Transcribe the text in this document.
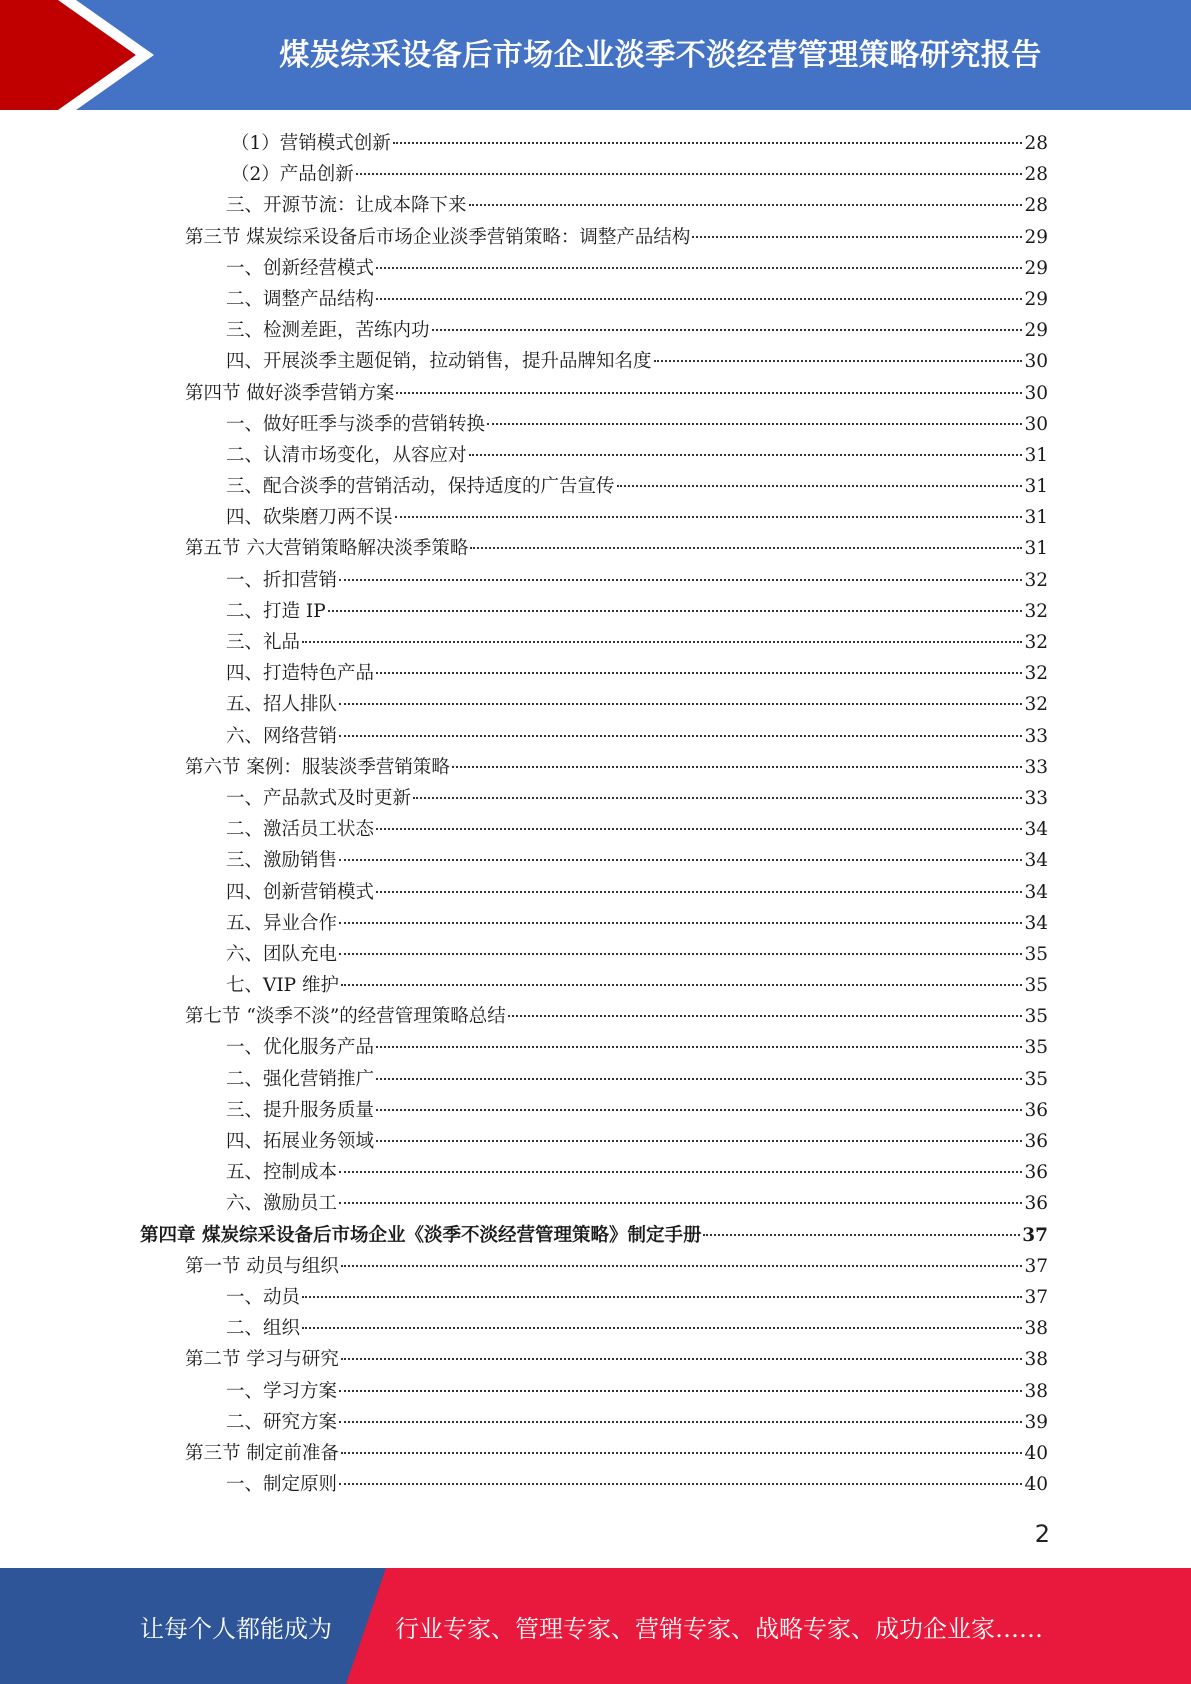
煤炭综采设备后市场企业淡季不淡经营管理策略研究报告
（1）营销模式创新	28
（2）产品创新	28
三、开源节流：让成本降下来	28
第三节 煤炭综采设备后市场企业淡季营销策略：调整产品结构	29
一、创新经营模式	29
二、调整产品结构	29
三、检测差距，苦练内功	29
四、开展淡季主题促销，拉动销售，提升品牌知名度	30
第四节 做好淡季营销方案	30
一、做好旺季与淡季的营销转换	30
二、认清市场变化，从容应对	31
三、配合淡季的营销活动，保持适度的广告宣传	31
四、砍柴磨刀两不误	31
第五节 六大营销策略解决淡季策略	31
一、折扣营销	32
二、打造 IP	32
三、礼品	32
四、打造特色产品	32
五、招人排队	32
六、网络营销	33
第六节 案例：服装淡季营销策略	33
一、产品款式及时更新	33
二、激活员工状态	34
三、激励销售	34
四、创新营销模式	34
五、异业合作	34
六、团队充电	35
七、VIP 维护	35
第七节 “淡季不淡”的经营管理策略总结	35
一、优化服务产品	35
二、强化营销推广	35
三、提升服务质量	36
四、拓展业务领域	36
五、控制成本	36
六、激励员工	36
第四章 煤炭综采设备后市场企业《淡季不淡经营管理策略》制定手册	37
第一节 动员与组织	37
一、动员	37
二、组织	38
第二节 学习与研究	38
一、学习方案	38
二、研究方案	39
第三节 制定前准备	40
一、制定原则	40
2
让每个人都能成为	行业专家、管理专家、营销专家、战略专家、成功企业家……
